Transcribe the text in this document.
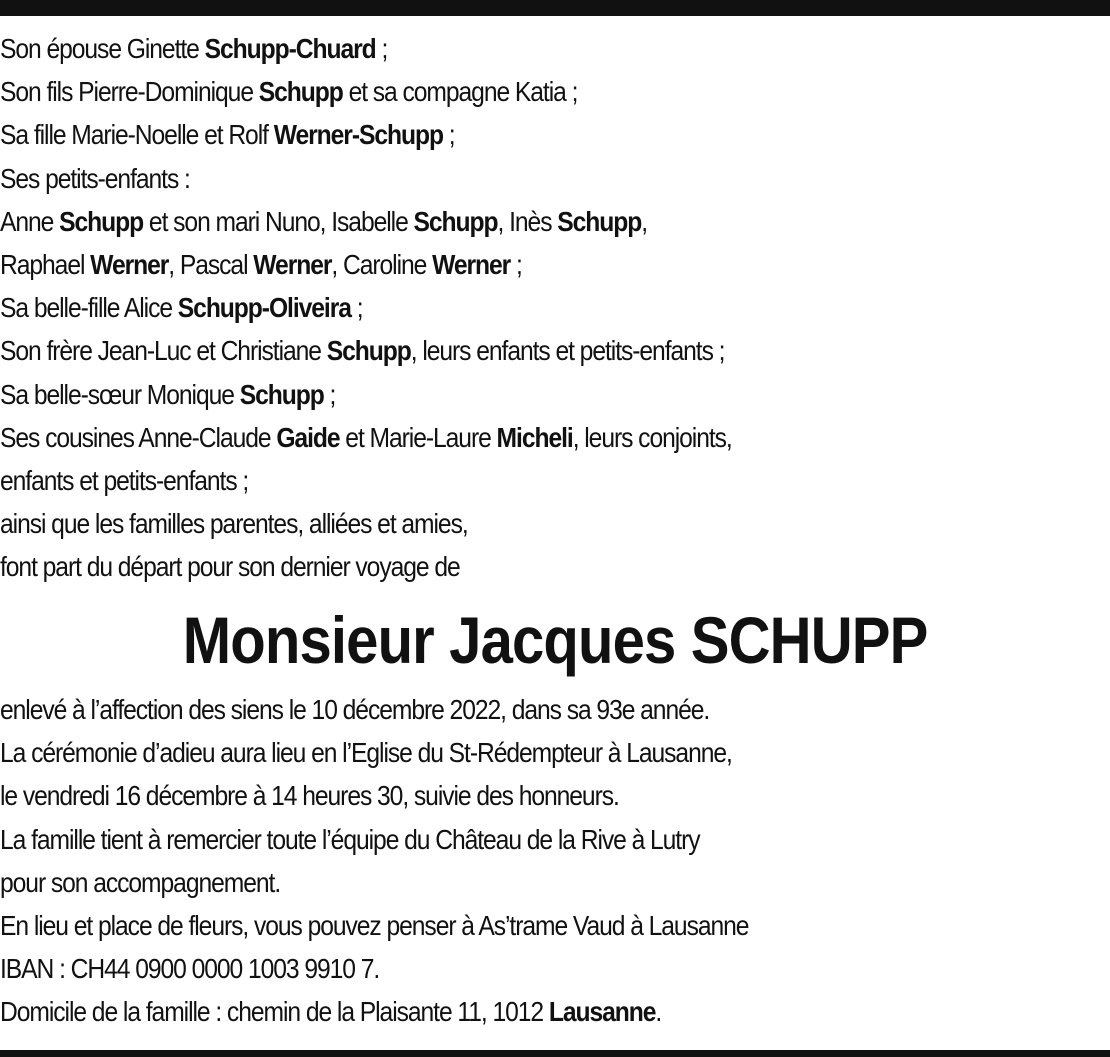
Son épouse Ginette Schupp-Chuard ;
Son fils Pierre-Dominique Schupp et sa compagne Katia ;
Sa fille Marie-Noelle et Rolf Werner-Schupp ;
Ses petits-enfants :
Anne Schupp et son mari Nuno, Isabelle Schupp, Inès Schupp,
Raphael Werner, Pascal Werner, Caroline Werner ;
Sa belle-fille Alice Schupp-Oliveira ;
Son frère Jean-Luc et Christiane Schupp, leurs enfants et petits-enfants ;
Sa belle-sœur Monique Schupp ;
Ses cousines Anne-Claude Gaide et Marie-Laure Micheli, leurs conjoints,
enfants et petits-enfants ;
ainsi que les familles parentes, alliées et amies,
font part du départ pour son dernier voyage de
Monsieur Jacques SCHUPP
enlevé à l’affection des siens le 10 décembre 2022, dans sa 93e année.
La cérémonie d’adieu aura lieu en l’Eglise du St-Rédempteur à Lausanne,
le vendredi 16 décembre à 14 heures 30, suivie des honneurs.
La famille tient à remercier toute l’équipe du Château de la Rive à Lutry
pour son accompagnement.
En lieu et place de fleurs, vous pouvez penser à As’trame Vaud à Lausanne
IBAN : CH44 0900 0000 1003 9910 7.
Domicile de la famille : chemin de la Plaisante 11, 1012 Lausanne.
